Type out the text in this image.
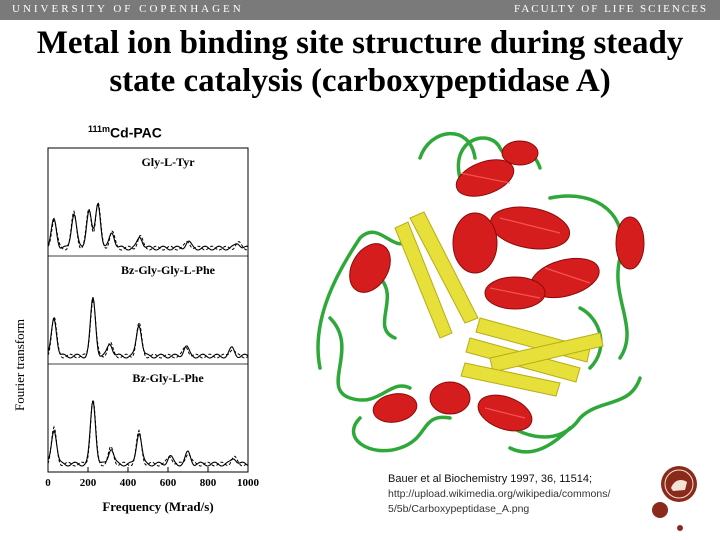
UNIVERSITY OF COPENHAGEN	FACULTY OF LIFE SCIENCES
Metal ion binding site structure during steady
state catalysis (carboxypeptidase A)
$^{111m}$Cd-PAC
Gly-L-Tyr
Bz-Gly-Gly-L-Phe
Bz-Gly-L-Phe
0	200 400 600 800 1000
Fourier transform
Frequency (Mrad/s)
Bauer et al Biochemistry 1997, 36, 11514;
http://upload.wikimedia.org/wikipedia/commons/
5/5b/Carboxypeptidase_A.png
